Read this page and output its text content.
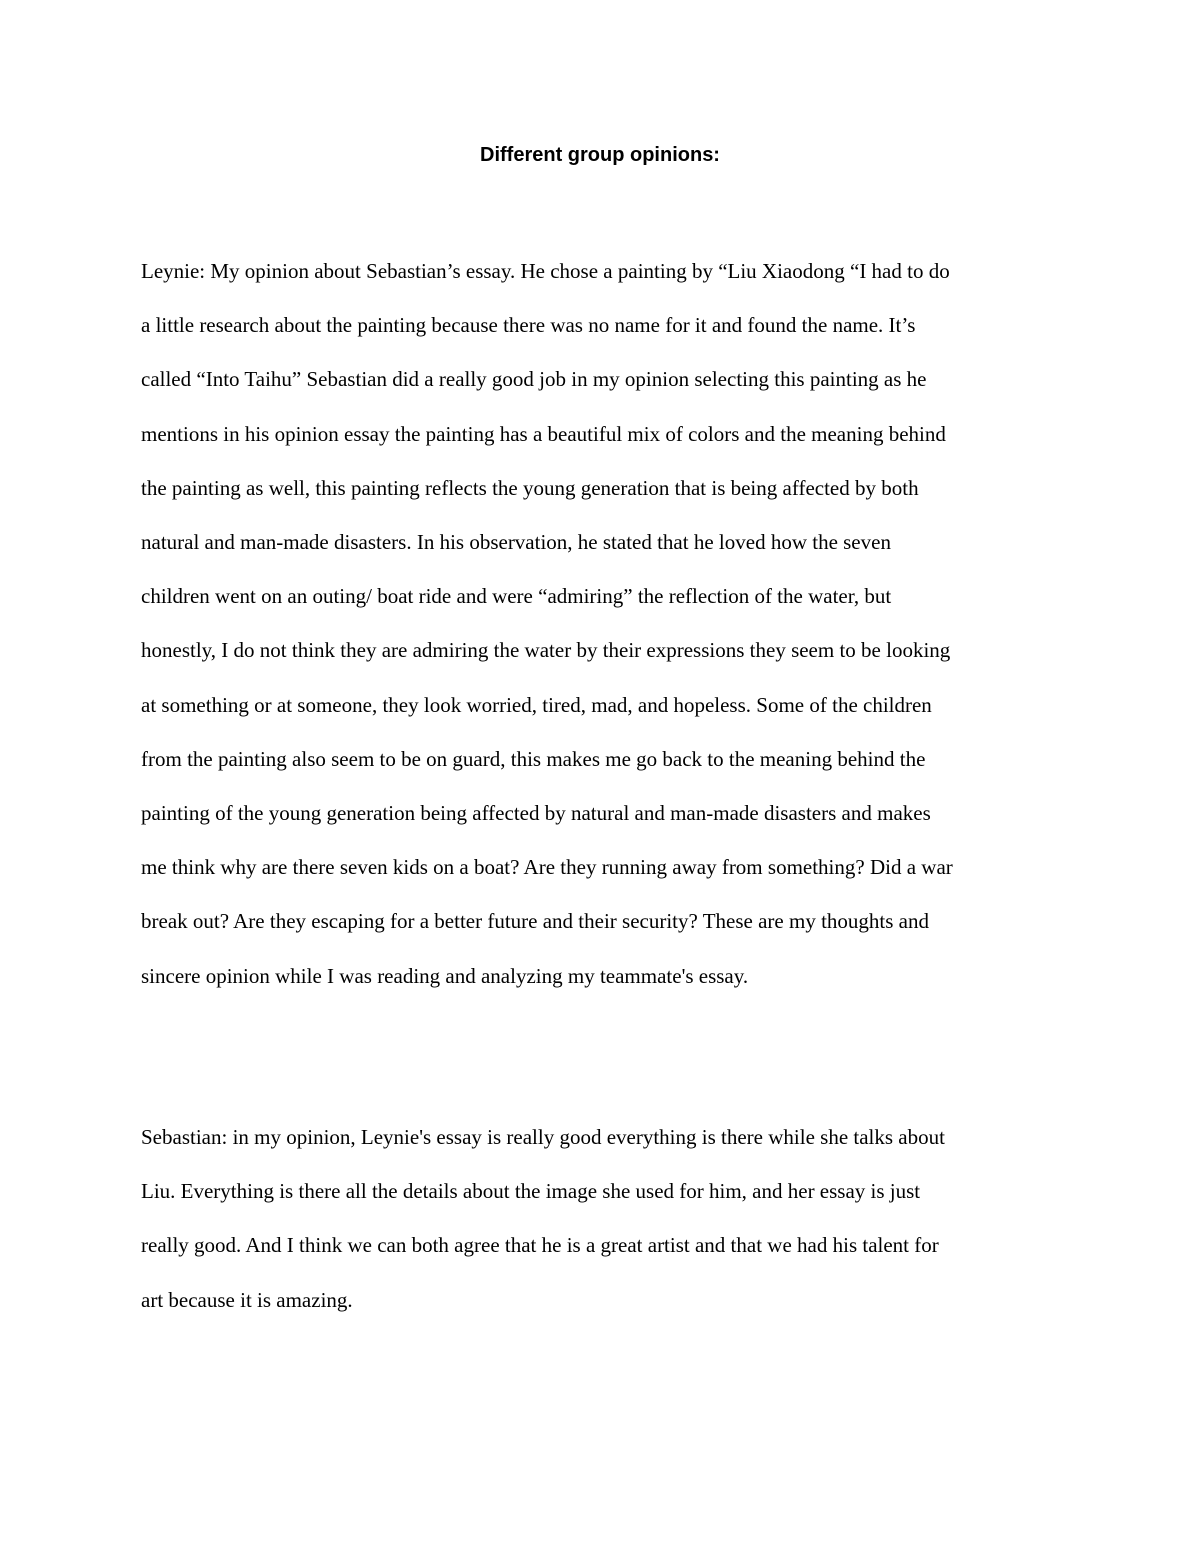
Different group opinions:

Leynie: My opinion about Sebastian’s essay. He chose a painting by “Liu Xiaodong “I had to do
a little research about the painting because there was no name for it and found the name. It’s
called “Into Taihu” Sebastian did a really good job in my opinion selecting this painting as he
mentions in his opinion essay the painting has a beautiful mix of colors and the meaning behind
the painting as well, this painting reflects the young generation that is being affected by both
natural and man-made disasters. In his observation, he stated that he loved how the seven
children went on an outing/ boat ride and were “admiring” the reflection of the water, but
honestly, I do not think they are admiring the water by their expressions they seem to be looking
at something or at someone, they look worried, tired, mad, and hopeless. Some of the children
from the painting also seem to be on guard, this makes me go back to the meaning behind the
painting of the young generation being affected by natural and man-made disasters and makes
me think why are there seven kids on a boat? Are they running away from something? Did a war
break out? Are they escaping for a better future and their security? These are my thoughts and
sincere opinion while I was reading and analyzing my teammate's essay.

Sebastian: in my opinion, Leynie's essay is really good everything is there while she talks about
Liu. Everything is there all the details about the image she used for him, and her essay is just
really good. And I think we can both agree that he is a great artist and that we had his talent for
art because it is amazing.
